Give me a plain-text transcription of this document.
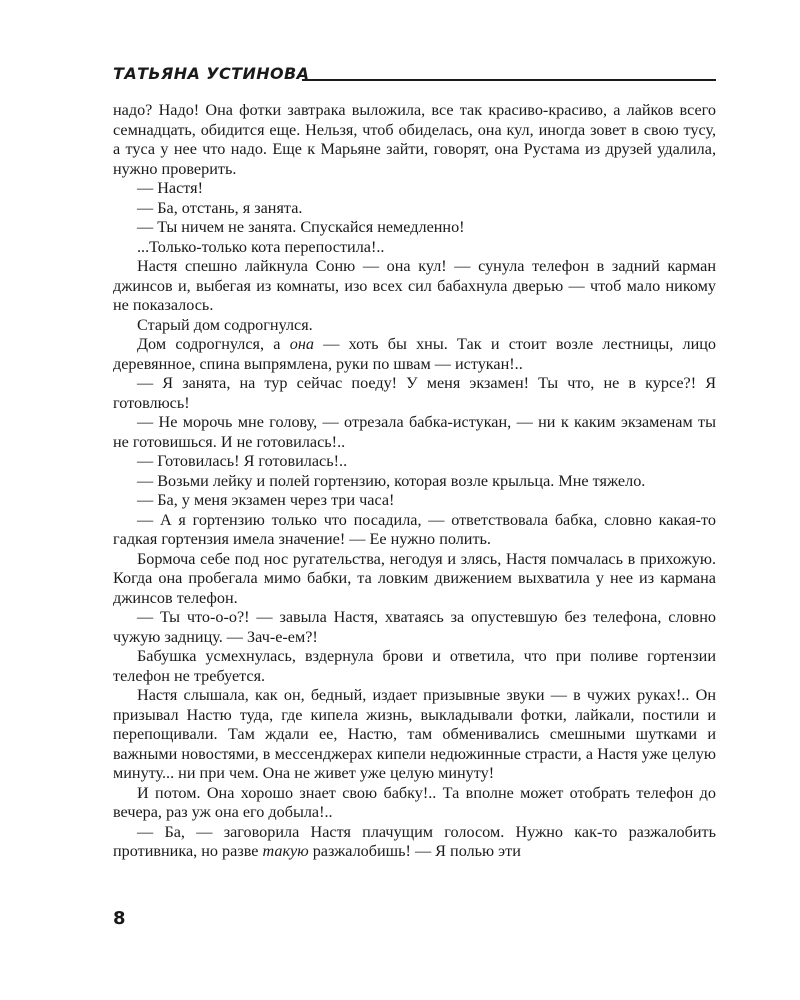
ТАТЬЯНА УСТИНОВА

надо? Надо! Она фотки завтрака выложила, все так красиво-красиво, а лайков всего семнадцать, обидится еще. Нельзя, чтоб обиделась, она кул, иногда зовет в свою тусу, а туса у нее что надо. Еще к Марьяне зайти, говорят, она Рустама из друзей удалила, нужно проверить.

— Настя!

— Ба, отстань, я занята.

— Ты ничем не занята. Спускайся немедленно!

...Только-только кота перепостила!..

Настя спешно лайкнула Соню — она кул! — сунула телефон в задний карман джинсов и, выбегая из комнаты, изо всех сил бабахнула дверью — чтоб мало никому не показалось.

Старый дом содрогнулся.

Дом содрогнулся, а она — хоть бы хны. Так и стоит возле лестницы, лицо деревянное, спина выпрямлена, руки по швам — истукан!..

— Я занята, на тур сейчас поеду! У меня экзамен! Ты что, не в курсе?! Я готовлюсь!

— Не морочь мне голову, — отрезала бабка-истукан, — ни к каким экзаменам ты не готовишься. И не готовилась!..

— Готовилась! Я готовилась!..

— Возьми лейку и полей гортензию, которая возле крыльца. Мне тяжело.

— Ба, у меня экзамен через три часа!

— А я гортензию только что посадила, — ответствовала бабка, словно какая-то гадкая гортензия имела значение! — Ее нужно полить.

Бормоча себе под нос ругательства, негодуя и злясь, Настя помчалась в прихожую. Когда она пробегала мимо бабки, та ловким движением выхватила у нее из кармана джинсов телефон.

— Ты что-о-о?! — завыла Настя, хватаясь за опустевшую без телефона, словно чужую задницу. — Зач-е-ем?!

Бабушка усмехнулась, вздернула брови и ответила, что при поливе гортензии телефон не требуется.

Настя слышала, как он, бедный, издает призывные звуки — в чужих руках!.. Он призывал Настю туда, где кипела жизнь, выкладывали фотки, лайкали, постили и перепощивали. Там ждали ее, Настю, там обменивались смешными шутками и важными новостями, в мессенджерах кипели недюжинные страсти, а Настя уже целую минуту... ни при чем. Она не живет уже целую минуту!

И потом. Она хорошо знает свою бабку!.. Та вполне может отобрать телефон до вечера, раз уж она его добыла!..

— Ба, — заговорила Настя плачущим голосом. Нужно как-то разжалобить противника, но разве такую разжалобишь! — Я полью эти

8
